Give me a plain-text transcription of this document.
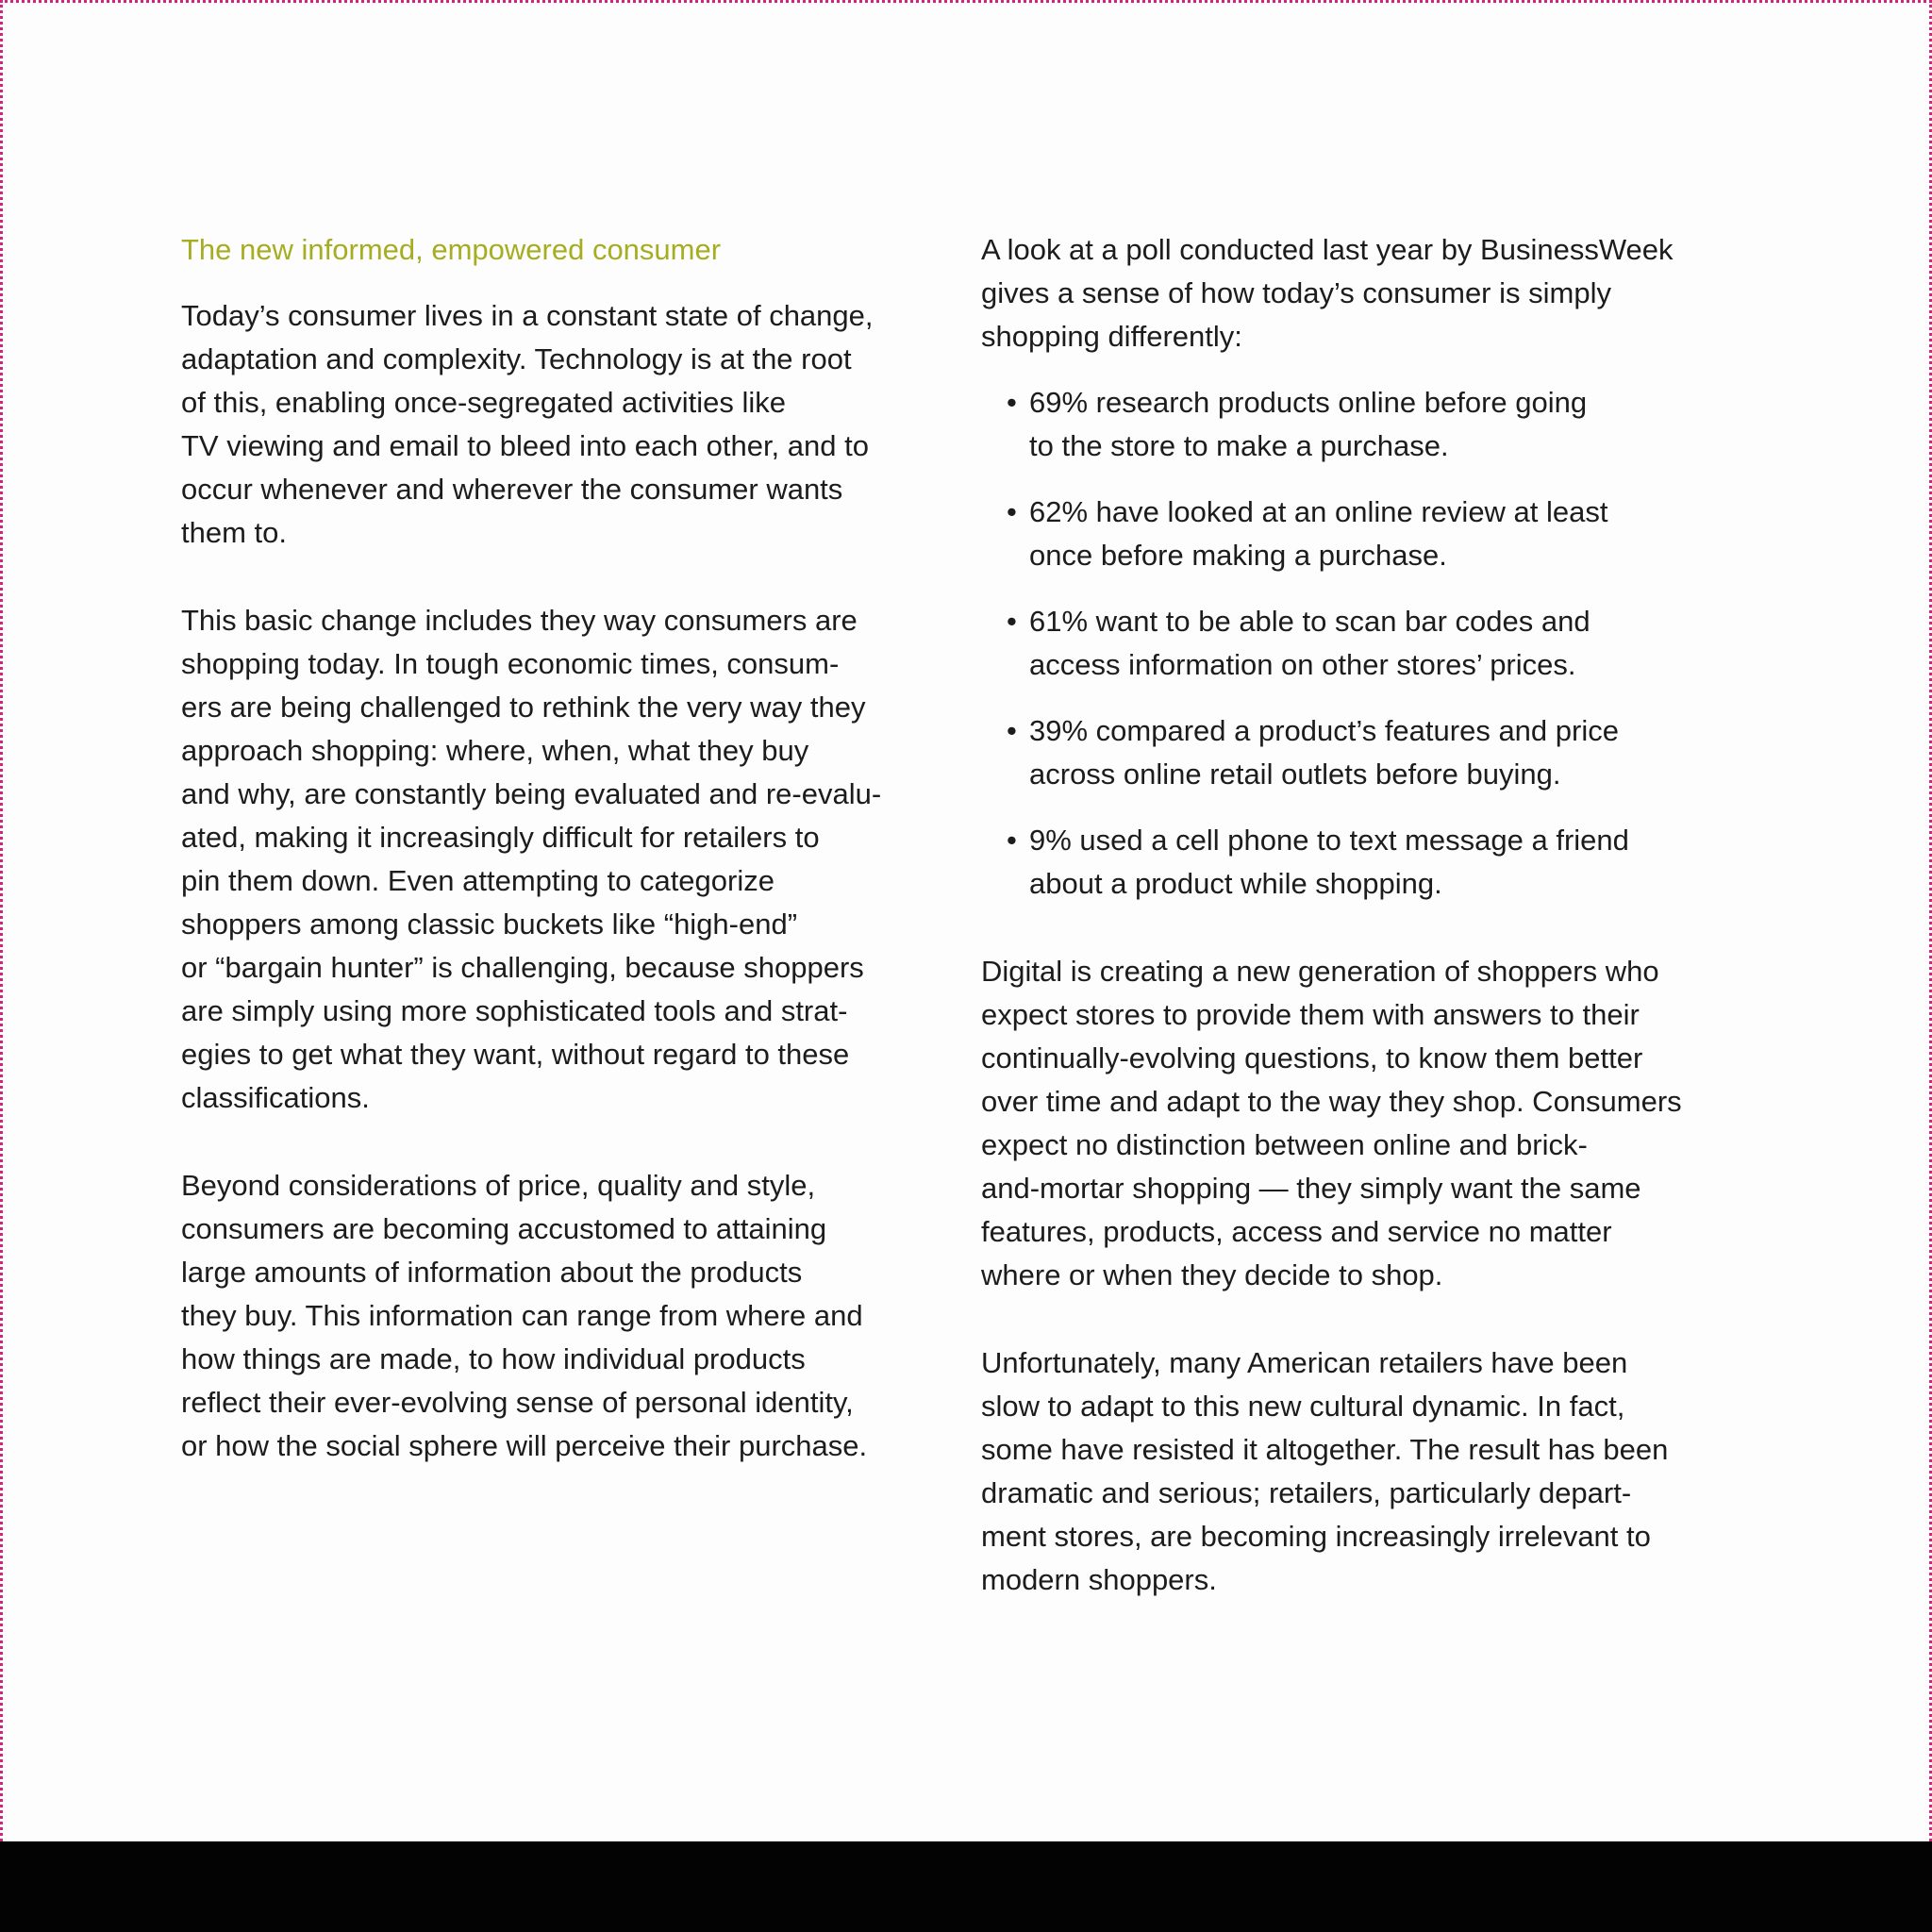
The new informed, empowered consumer

Today’s consumer lives in a constant state of change,
adaptation and complexity. Technology is at the root
of this, enabling once-segregated activities like
TV viewing and email to bleed into each other, and to
occur whenever and wherever the consumer wants
them to.

This basic change includes they way consumers are
shopping today. In tough economic times, consum-
ers are being challenged to rethink the very way they
approach shopping: where, when, what they buy
and why, are constantly being evaluated and re-evalu-
ated, making it increasingly difficult for retailers to
pin them down. Even attempting to categorize
shoppers among classic buckets like “high-end”
or “bargain hunter” is challenging, because shoppers
are simply using more sophisticated tools and strat-
egies to get what they want, without regard to these
classifications.

Beyond considerations of price, quality and style,
consumers are becoming accustomed to attaining
large amounts of information about the products
they buy. This information can range from where and
how things are made, to how individual products
reflect their ever-evolving sense of personal identity,
or how the social sphere will perceive their purchase.

A look at a poll conducted last year by BusinessWeek
gives a sense of how today’s consumer is simply
shopping differently:

• 69% research products online before going
to the store to make a purchase.
• 62% have looked at an online review at least
once before making a purchase.
• 61% want to be able to scan bar codes and
access information on other stores’ prices.
• 39% compared a product’s features and price
across online retail outlets before buying.
• 9% used a cell phone to text message a friend
about a product while shopping.

Digital is creating a new generation of shoppers who
expect stores to provide them with answers to their
continually-evolving questions, to know them better
over time and adapt to the way they shop. Consumers
expect no distinction between online and brick-
and-mortar shopping — they simply want the same
features, products, access and service no matter
where or when they decide to shop.

Unfortunately, many American retailers have been
slow to adapt to this new cultural dynamic. In fact,
some have resisted it altogether. The result has been
dramatic and serious; retailers, particularly depart-
ment stores, are becoming increasingly irrelevant to
modern shoppers.
